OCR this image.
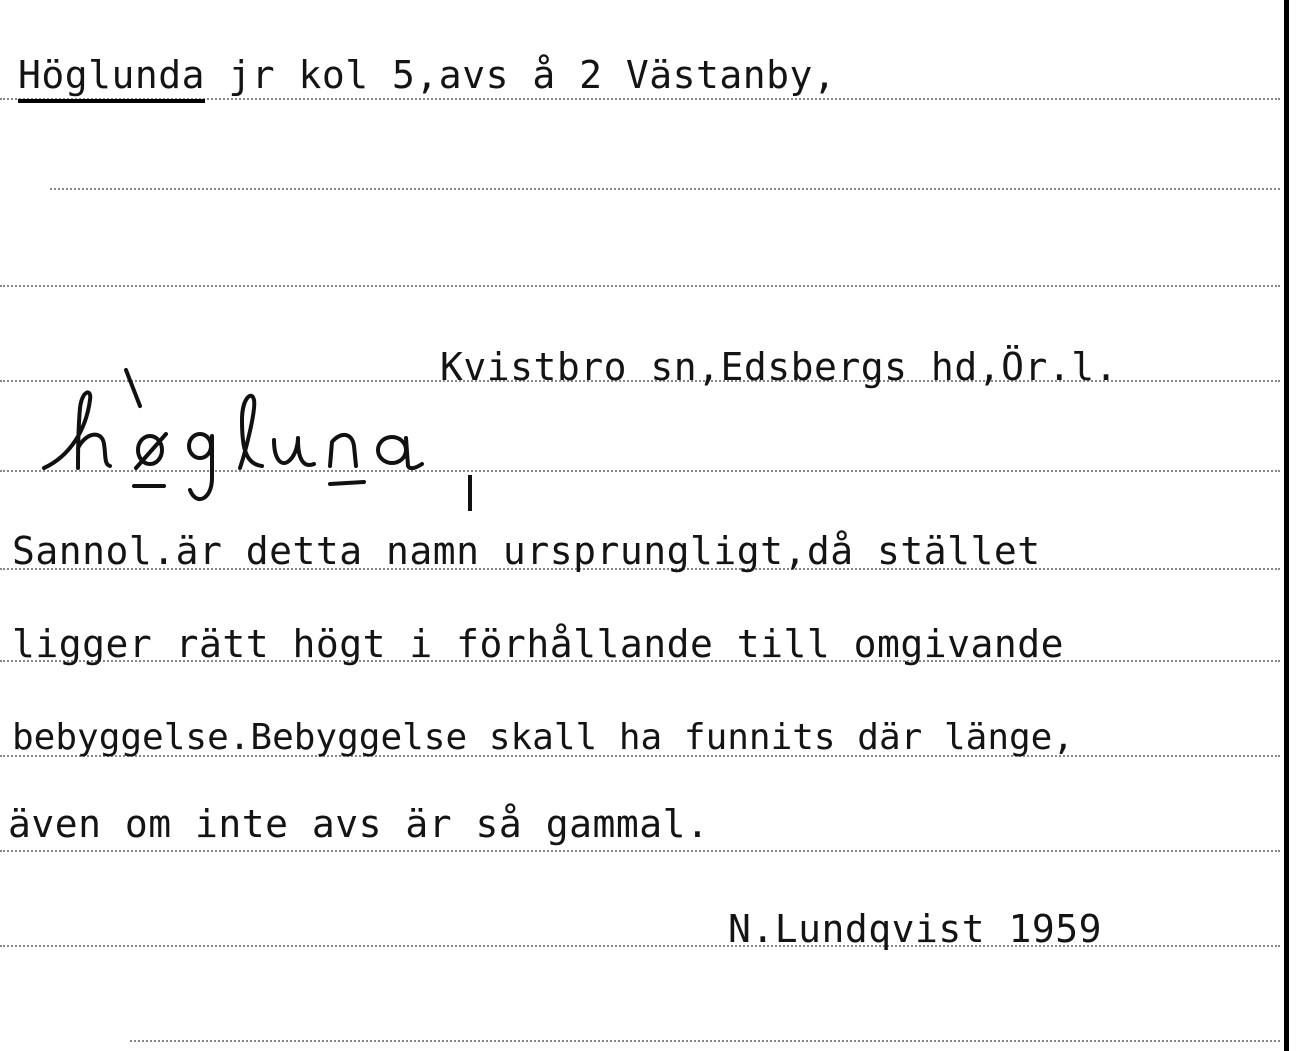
Höglunda jr kol 5,avs å 2 Västanby,
Kvistbro sn,Edsbergs hd,Ör.l.
Sannol.är detta namn ursprungligt,då stället
ligger rätt högt i förhållande till omgivande
bebyggelse.Bebyggelse skall ha funnits där länge,
även om inte avs är så gammal.
N.Lundqvist 1959
